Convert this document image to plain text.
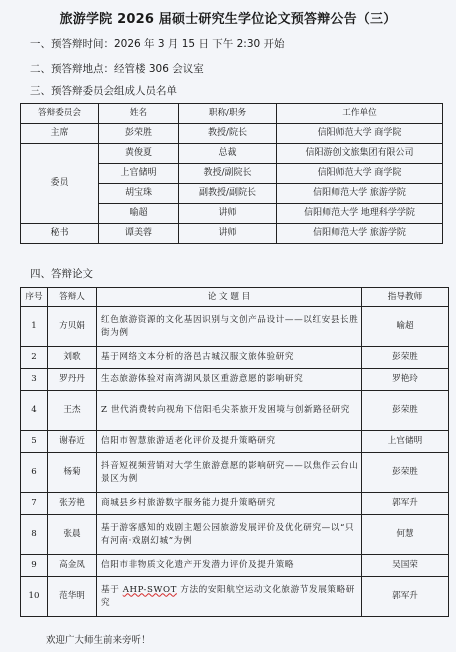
旅游学院 2026 届硕士研究生学位论文预答辩公告（三）
一、预答辩时间：2026 年 3 月 15 日 下午 2:30 开始
二、预答辩地点：经管楼 306 会议室
三、预答辩委员会组成人员名单
答辩委员会	姓名	职称/职务	工作单位
主席	彭荣胜	教授/院长	信阳师范大学 商学院
委员	黄俊夏	总裁	信阳游创文旅集团有限公司
	上官储明	教授/副院长	信阳师范大学 商学院
	胡宝珠	副教授/副院长	信阳师范大学 旅游学院
	喻超	讲师	信阳师范大学 地理科学学院
秘书	谭美蓉	讲师	信阳师范大学 旅游学院
四、答辩论文
序号	答辩人	论 文 题 目	指导教师
1	方贝娟	红色旅游资源的文化基因识别与文创产品设计——以红安县长胜街为例	喻超
2	刘歌	基于网络文本分析的洛邑古城汉服文旅体验研究	彭荣胜
3	罗丹丹	生态旅游体验对南湾湖风景区重游意愿的影响研究	罗艳玲
4	王杰	Z 世代消费转向视角下信阳毛尖茶旅开发困境与创新路径研究	彭荣胜
5	谢春近	信阳市智慧旅游适老化评价及提升策略研究	上官储明
6	杨菊	抖音短视频营销对大学生旅游意愿的影响研究——以焦作云台山景区为例	彭荣胜
7	张芳艳	商城县乡村旅游数字服务能力提升策略研究	郭军升
8	张晨	基于游客感知的戏剧主题公园旅游发展评价及优化研究—以“只有河南·戏剧幻城”为例	何慧
9	高金凤	信阳市非物质文化遗产开发潜力评价及提升策略	吴国荣
10	范华明	基于 AHP-SWOT 方法的安阳航空运动文化旅游节发展策略研究	郭军升
欢迎广大师生前来旁听！
